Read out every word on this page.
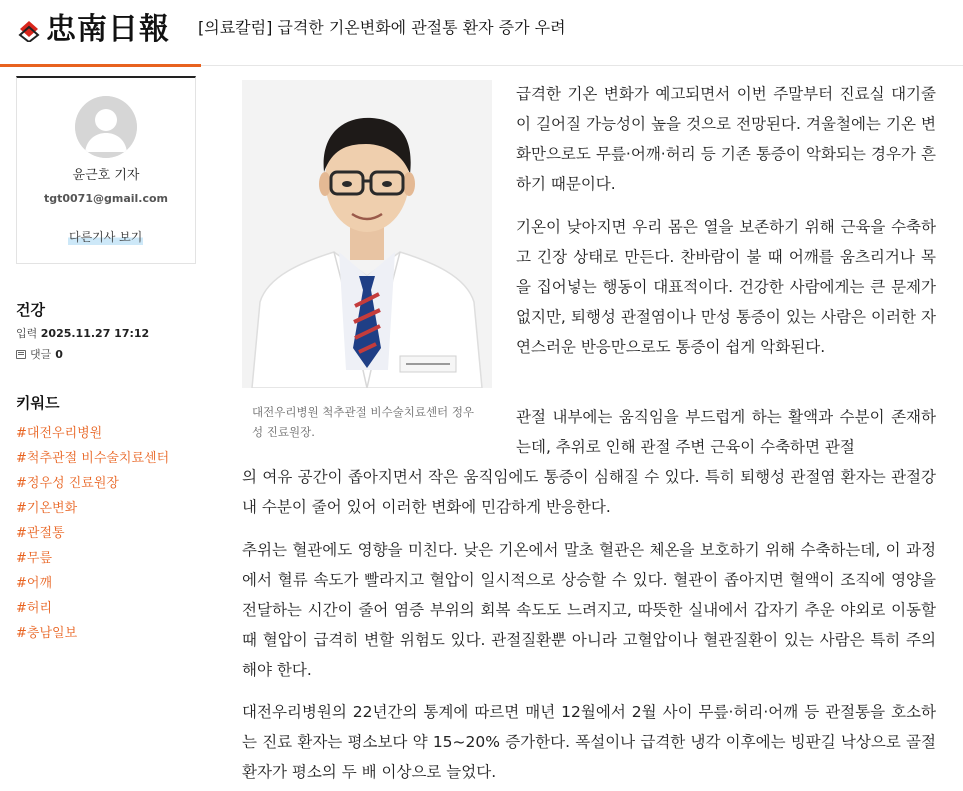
忠南日報 [의료칼럼] 급격한 기온변화에 관절통 환자 증가 우려
윤근호 기자
tgt0071@gmail.com
다른기사 보기
건강
입력 2025.11.27 17:12
댓글 0
키워드
#대전우리병원
#척추관절 비수술치료센터
#정우성 진료원장
#기온변화
#관절통
#무릎
#어깨
#허리
#충남일보
대전우리병원 척추관절 비수술치료센터 정우성 진료원장.

급격한 기온 변화가 예고되면서 이번 주말부터 진료실 대기줄이 길어질 가능성이 높을 것으로 전망된다. 겨울철에는 기온 변화만으로도 무릎·어깨·허리 등 기존 통증이 악화되는 경우가 흔하기 때문이다.

기온이 낮아지면 우리 몸은 열을 보존하기 위해 근육을 수축하고 긴장 상태로 만든다. 찬바람이 불 때 어깨를 움츠리거나 목을 집어넣는 행동이 대표적이다. 건강한 사람에게는 큰 문제가 없지만, 퇴행성 관절염이나 만성 통증이 있는 사람은 이러한 자연스러운 반응만으로도 통증이 쉽게 악화된다.

관절 내부에는 움직임을 부드럽게 하는 활액과 수분이 존재하는데, 추위로 인해 관절 주변 근육이 수축하면 관절

의 여유 공간이 좁아지면서 작은 움직임에도 통증이 심해질 수 있다. 특히 퇴행성 관절염 환자는 관절강 내 수분이 줄어 있어 이러한 변화에 민감하게 반응한다.

추위는 혈관에도 영향을 미친다. 낮은 기온에서 말초 혈관은 체온을 보호하기 위해 수축하는데, 이 과정에서 혈류 속도가 빨라지고 혈압이 일시적으로 상승할 수 있다. 혈관이 좁아지면 혈액이 조직에 영양을 전달하는 시간이 줄어 염증 부위의 회복 속도도 느려지고, 따뜻한 실내에서 갑자기 추운 야외로 이동할 때 혈압이 급격히 변할 위험도 있다. 관절질환뿐 아니라 고혈압이나 혈관질환이 있는 사람은 특히 주의해야 한다.

대전우리병원의 22년간의 통계에 따르면 매년 12월에서 2월 사이 무릎·허리·어깨 등 관절통을 호소하는 진료 환자는 평소보다 약 15~20% 증가한다. 폭설이나 급격한 냉각 이후에는 빙판길 낙상으로 골절 환자가 평소의 두 배 이상으로 늘었다.
